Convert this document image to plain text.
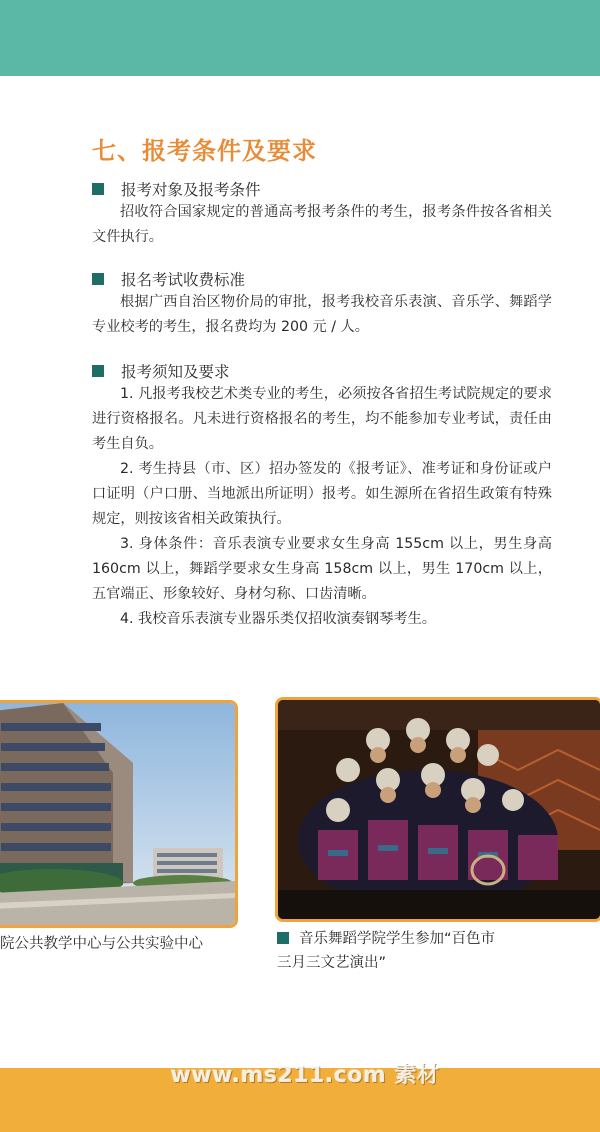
七、报考条件及要求
报考对象及报考条件

招收符合国家规定的普通高考报考条件的考生，报考条件按各省相关文件执行。

报名考试收费标准

根据广西自治区物价局的审批，报考我校音乐表演、音乐学、舞蹈学专业校考的考生，报名费均为 200 元 / 人。

报考须知及要求

1. 凡报考我校艺术类专业的考生，必须按各省招生考试院规定的要求进行资格报名。凡未进行资格报名的考生，均不能参加专业考试，责任由考生自负。

2. 考生持县（市、区）招办签发的《报考证》、准考证和身份证或户口证明（户口册、当地派出所证明）报考。如生源所在省招生政策有特殊规定，则按该省相关政策执行。

3. 身体条件：音乐表演专业要求女生身高 155cm 以上，男生身高 160cm 以上，舞蹈学要求女生身高 158cm 以上，男生 170cm 以上，五官端正、形象较好、身材匀称、口齿清晰。

4. 我校音乐表演专业器乐类仅招收演奏钢琴考生。

院公共教学中心与公共实验中心	音乐舞蹈学院学生参加“百色市
三月三文艺演出”
www.ms211.com 素材
